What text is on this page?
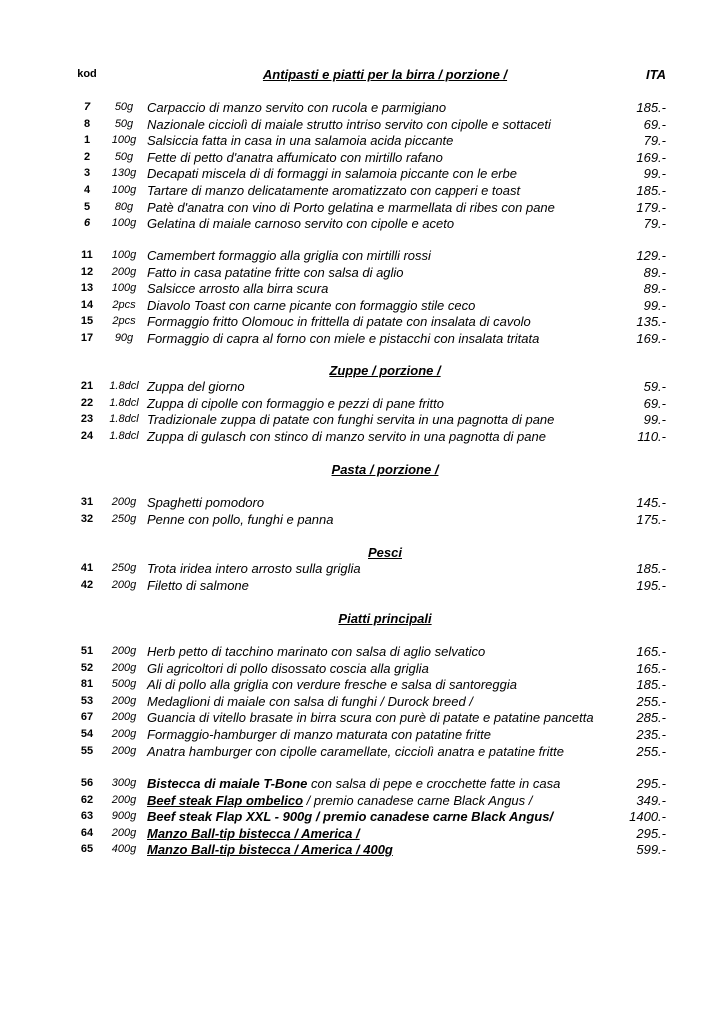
kod	Antipasti e piatti per la birra / porzione /	ITA
7	50g	Carpaccio di manzo servito con rucola e parmigiano	185.-
8	50g	Nazionale cicciolì di maiale strutto intriso servito con cipolle e sottaceti	69.-
1	100g Salsiccia fatta in casa in una salamoia acida piccante	79.-
2	50g	Fette di petto d'anatra affumicato con mirtillo rafano	169.-
3	130g Decapati miscela di di formaggi in salamoia piccante con le erbe	99.-
4	100g Tartare di manzo delicatamente aromatizzato con capperi e toast	185.-
5	80g	Patè d'anatra con vino di Porto gelatina e marmellata di ribes con pane	179.-
6	100g Gelatina di maiale carnoso servito con cipolle e aceto	79.-
11	100g Camembert formaggio alla griglia con mirtilli rossi	129.-
12	200g Fatto in casa patatine fritte con salsa di aglio	89.-
13	100g Salsicce arrosto alla birra scura	89.-
14	2pcs Diavolo Toast con carne picante con formaggio stile ceco	99.-
15	2pcs Formaggio fritto Olomouc in frittella di patate con insalata di cavolo	135.-
17	90g	Formaggio di capra al forno con miele e pistacchi con insalata tritata	169.-
Zuppe / porzione /
21	1.8dcl Zuppa del giorno	59.-
22	1.8dcl Zuppa di cipolle con formaggio e pezzi di pane fritto	69.-
23	1.8dcl Tradizionale zuppa di patate con funghi servita in una pagnotta di pane	99.-
24	1.8dcl Zuppa di gulasch con stinco di manzo servito in una pagnotta di pane	110.-
Pasta / porzione /
31	200g Spaghetti pomodoro	145.-
32	250g Penne con pollo, funghi e panna	175.-
Pesci
41	250g Trota iridea intero arrosto sulla griglia	185.-
42	200g Filetto di salmone	195.-
Piatti principali
51	200g Herb petto di tacchino marinato con salsa di aglio selvatico	165.-
52	200g Gli agricoltori di pollo disossato coscia alla griglia	165.-
81	500g Ali di pollo alla griglia con verdure fresche e salsa di santoreggia	185.-
53	200g Medaglioni di maiale con salsa di funghi / Durock breed /	255.-
67	200g Guancia di vitello brasate in birra scura con purè di patate e patatine pancetta	285.-
54	200g Formaggio-hamburger di manzo maturata con patatine fritte	235.-
55	200g Anatra hamburger con cipolle caramellate, cicciolì anatra e patatine fritte	255.-
56	300g Bistecca di maiale T-Bone con salsa di pepe e crocchette fatte in casa	295.-
62	200g Beef steak Flap ombelico / premio canadese carne Black Angus /	349.-
63	900g Beef steak Flap XXL - 900g / premio canadese carne Black Angus/	1400.-
64	200g Manzo Ball-tip bistecca / America /	295.-
65	400g Manzo Ball-tip bistecca / America / 400g	599.-
